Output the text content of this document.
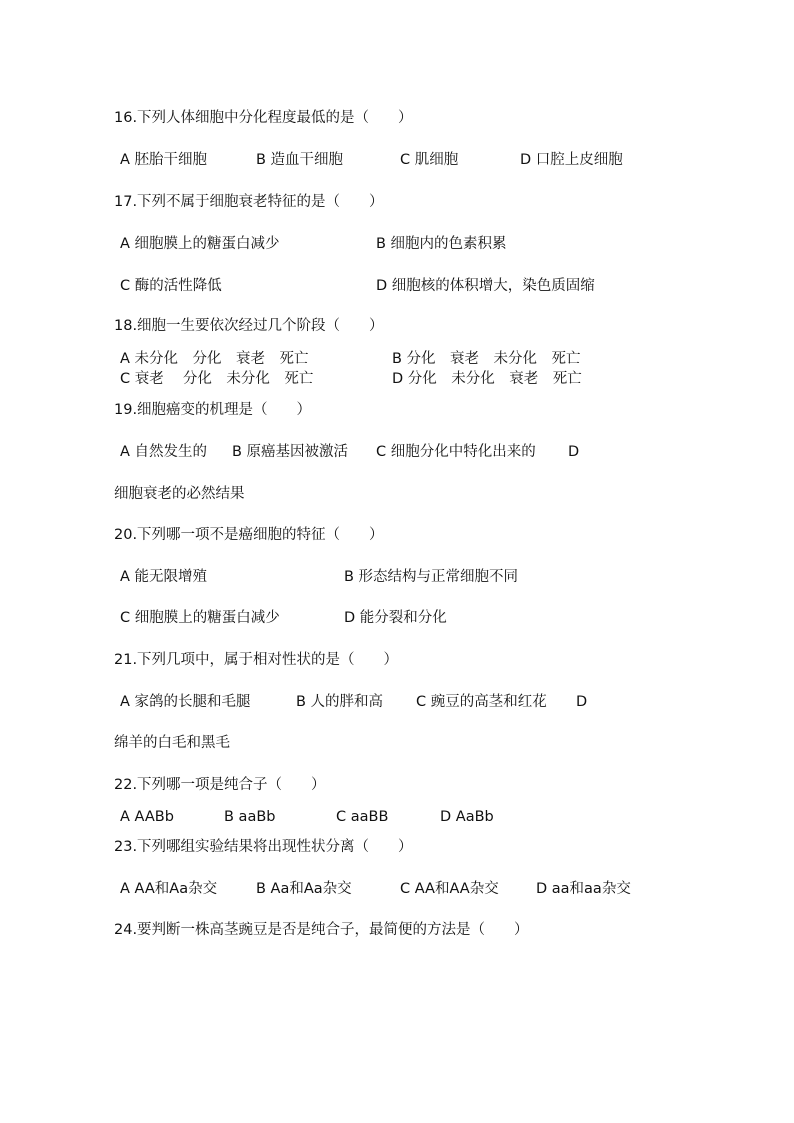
16.下列人体细胞中分化程度最低的是（　　）
A 胚胎干细胞	B 造血干细胞	C 肌细胞	D 口腔上皮细胞
17.下列不属于细胞衰老特征的是（　　）
A 细胞膜上的糖蛋白减少	B 细胞内的色素积累
C 酶的活性降低	D 细胞核的体积增大，染色质固缩
18.细胞一生要依次经过几个阶段（　　）
A 未分化　分化　衰老　死亡	B 分化　衰老　未分化　死亡
C 衰老　 分化　未分化　死亡	D 分化　未分化　衰老　死亡
19.细胞癌变的机理是（　　）
A 自然发生的 B 原癌基因被激活 C 细胞分化中特化出来的 D
细胞衰老的必然结果
20.下列哪一项不是癌细胞的特征（　　）
A 能无限增殖	B 形态结构与正常细胞不同
C 细胞膜上的糖蛋白减少	D 能分裂和分化
21.下列几项中，属于相对性状的是（　　）
A 家鸽的长腿和毛腿	B 人的胖和高 C 豌豆的高茎和红花 D
绵羊的白毛和黑毛
22.下列哪一项是纯合子（　　）
A AABb	B aaBb	C aaBB	D AaBb
23.下列哪组实验结果将出现性状分离（　　）
A AA和Aa杂交	B Aa和Aa杂交	C AA和AA杂交	D aa和aa杂交
24.要判断一株高茎豌豆是否是纯合子，最简便的方法是（　　）
